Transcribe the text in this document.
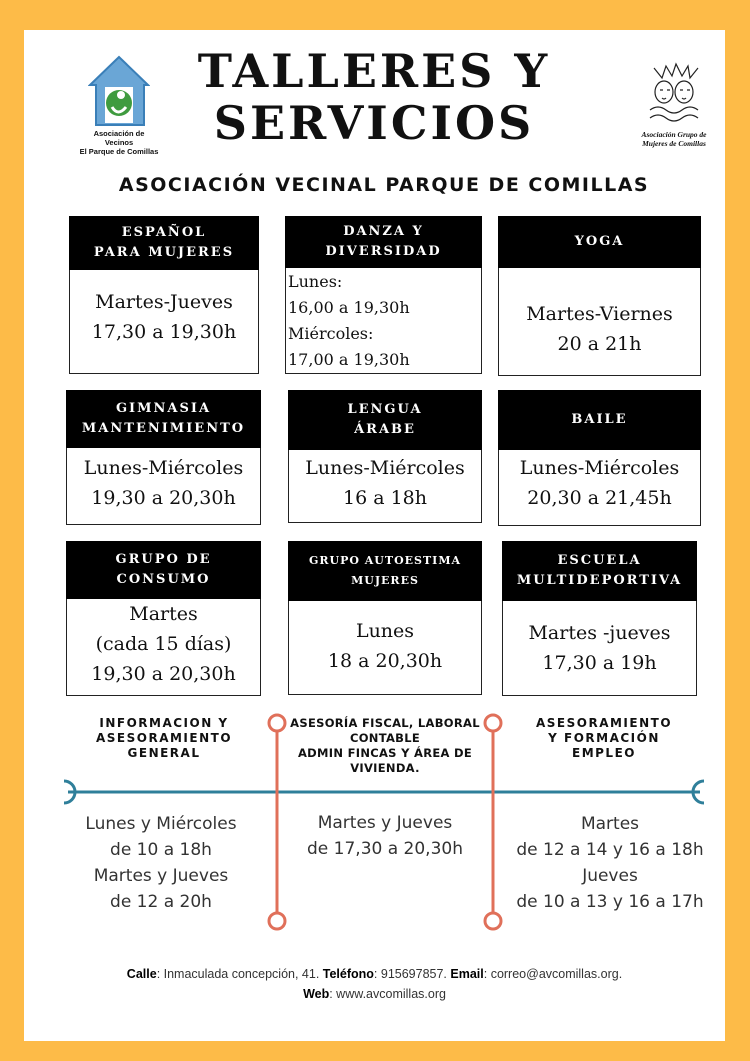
Asociación de Vecinos
El Parque de Comillas
TALLERES Y
SERVICIOS	Asociación Grupo de
Mujeres de Comillas
ASOCIACIÓN VECINAL PARQUE DE COMILLAS
ESPAÑOL
PARA MUJERES
Martes-Jueves
17,30 a 19,30h
DANZA Y
DIVERSIDAD
Lunes:
16,00 a 19,30h
Miércoles:
17,00 a 19,30h
YOGA
Martes-Viernes
20 a 21h
GIMNASIA
MANTENIMIENTO
Lunes-Miércoles
19,30 a 20,30h
LENGUA
ÁRABE
Lunes-Miércoles
16 a 18h
BAILE
Lunes-Miércoles
20,30 a 21,45h
GRUPO DE
CONSUMO
Martes
(cada 15 días)
19,30 a 20,30h
GRUPO AUTOESTIMA
MUJERES
Lunes
18 a 20,30h
ESCUELA
MULTIDEPORTIVA
Martes -jueves
17,30 a 19h
INFORMACION Y
ASESORAMIENTO
GENERAL
ASESORÍA FISCAL, LABORAL
CONTABLE
ADMIN FINCAS Y ÁREA DE
VIVIENDA.
ASESORAMIENTO
Y FORMACIÓN
EMPLEO
Lunes y Miércoles
de 10 a 18h
Martes y Jueves
de 12 a 20h
Martes y Jueves
de 17,30 a 20,30h
Martes
de 12 a 14 y 16 a 18h
Jueves
de 10 a 13 y 16 a 17h
Calle: Inmaculada concepción, 41. Teléfono: 915697857. Email: correo@avcomillas.org.
Web: www.avcomillas.org
